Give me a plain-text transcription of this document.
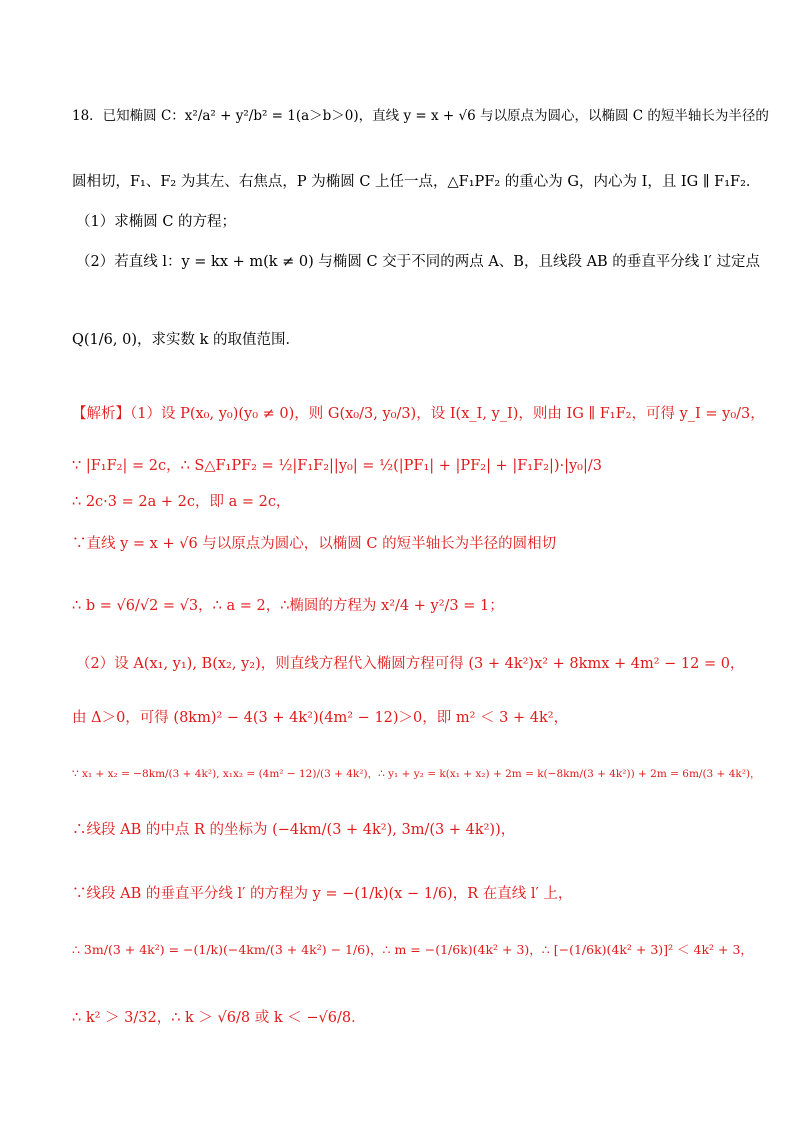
18．已知椭圆 C：x²/a² + y²/b² = 1(a＞b＞0)，直线 y = x + √6 与以原点为圆心，以椭圆 C 的短半轴长为半径的
圆相切，F₁、F₂ 为其左、右焦点，P 为椭圆 C 上任一点，△F₁PF₂ 的重心为 G，内心为 I，且 IG ∥ F₁F₂．
（1）求椭圆 C 的方程；
（2）若直线 l：y = kx + m(k ≠ 0) 与椭圆 C 交于不同的两点 A、B，且线段 AB 的垂直平分线 l′ 过定点
Q(1/6, 0)，求实数 k 的取值范围．
【解析】（1）设 P(x₀, y₀)(y₀ ≠ 0)，则 G(x₀/3, y₀/3)，设 I(x_I, y_I)，则由 IG ∥ F₁F₂，可得 y_I = y₀/3，
∵ |F₁F₂| = 2c，∴ S△F₁PF₂ = ½|F₁F₂||y₀| = ½(|PF₁| + |PF₂| + |F₁F₂|)·|y₀|/3
∴ 2c·3 = 2a + 2c，即 a = 2c，
∵直线 y = x + √6 与以原点为圆心，以椭圆 C 的短半轴长为半径的圆相切
∴ b = √6/√2 = √3，∴ a = 2，∴椭圆的方程为 x²/4 + y²/3 = 1；
（2）设 A(x₁, y₁), B(x₂, y₂)，则直线方程代入椭圆方程可得 (3 + 4k²)x² + 8kmx + 4m² − 12 = 0，
由 Δ＞0，可得 (8km)² − 4(3 + 4k²)(4m² − 12)＞0，即 m² ＜ 3 + 4k²，
∵ x₁ + x₂ = −8km/(3 + 4k²), x₁x₂ = (4m² − 12)/(3 + 4k²)，∴ y₁ + y₂ = k(x₁ + x₂) + 2m = k(−8km/(3 + 4k²)) + 2m = 6m/(3 + 4k²)，
∴线段 AB 的中点 R 的坐标为 (−4km/(3 + 4k²), 3m/(3 + 4k²))，
∵线段 AB 的垂直平分线 l′ 的方程为 y = −(1/k)(x − 1/6)，R 在直线 l′ 上，
∴ 3m/(3 + 4k²) = −(1/k)(−4km/(3 + 4k²) − 1/6)，∴ m = −(1/6k)(4k² + 3)，∴ [−(1/6k)(4k² + 3)]² ＜ 4k² + 3，
∴ k² ＞ 3/32，∴ k ＞ √6/8 或 k ＜ −√6/8．
